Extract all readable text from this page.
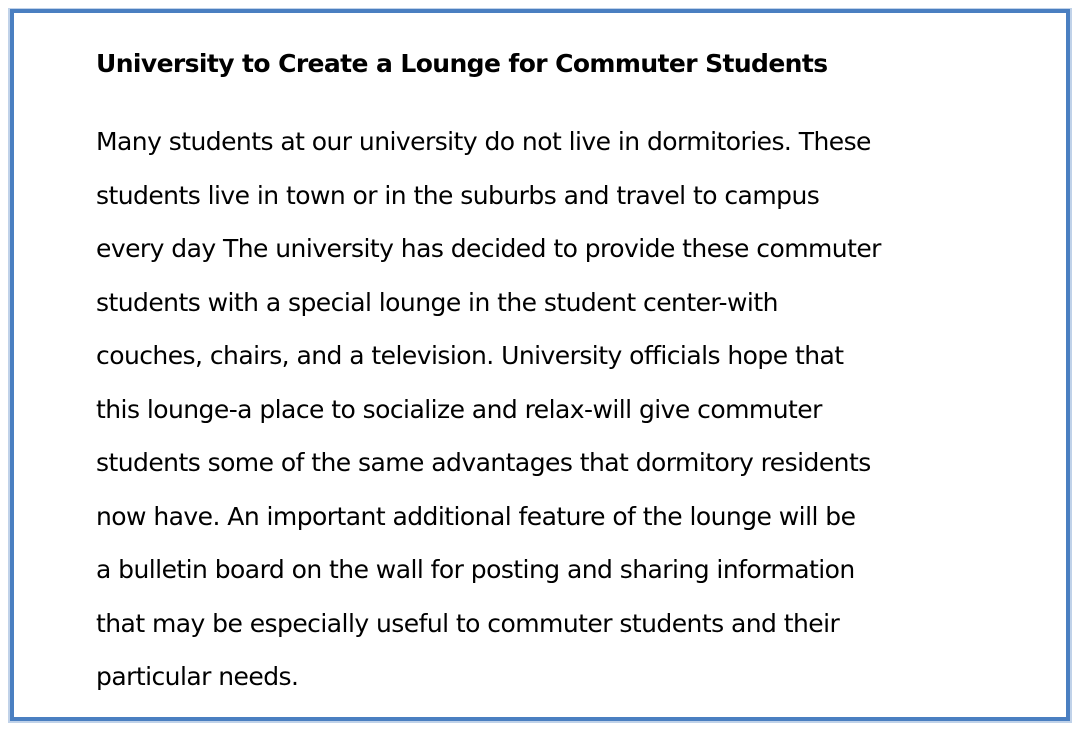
University to Create a Lounge for Commuter Students
Many students at our university do not live in dormitories. These
students live in town or in the suburbs and travel to campus
every day The university has decided to provide these commuter
students with a special lounge in the student center-with
couches, chairs, and a television. University officials hope that
this lounge-a place to socialize and relax-will give commuter
students some of the same advantages that dormitory residents
now have. An important additional feature of the lounge will be
a bulletin board on the wall for posting and sharing information
that may be especially useful to commuter students and their
particular needs.
